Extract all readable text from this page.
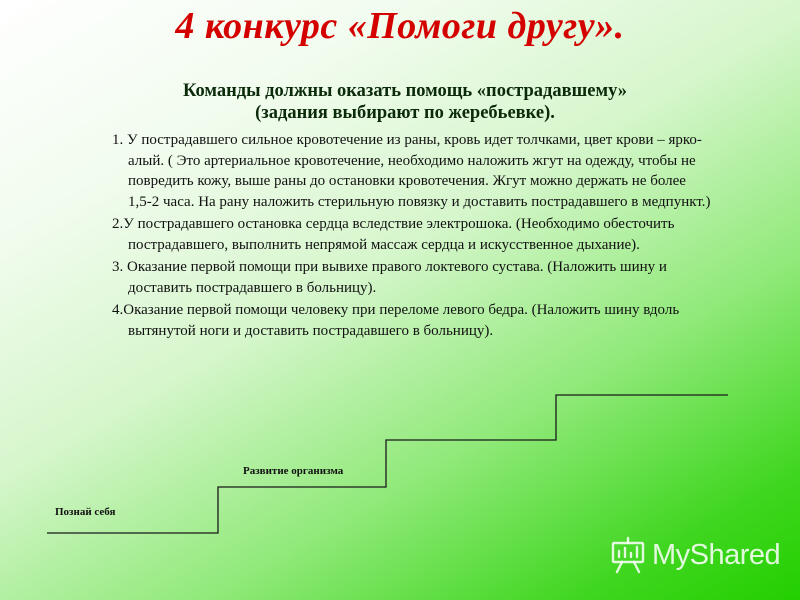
4 конкурс «Помоги другу».
Команды должны оказать помощь «пострадавшему»
(задания выбирают по жеребьевке).
1. У пострадавшего сильное кровотечение из раны, кровь идет толчками, цвет крови – ярко-алый. ( Это артериальное кровотечение, необходимо наложить жгут на одежду, чтобы не повредить кожу, выше раны до остановки кровотечения. Жгут можно держать не более 1,5-2 часа. На рану наложить стерильную повязку и доставить пострадавшего в медпункт.)
2.У пострадавшего остановка сердца вследствие электрошока. (Необходимо обесточить пострадавшего, выполнить непрямой массаж сердца и искусственное дыхание).
3. Оказание первой помощи при вывихе правого локтевого сустава. (Наложить шину и доставить пострадавшего в больницу).
4.Оказание первой помощи человеку при переломе левого бедра. (Наложить шину вдоль вытянутой ноги и доставить пострадавшего в больницу).

Познай себя

Развитие организма

MyShared
